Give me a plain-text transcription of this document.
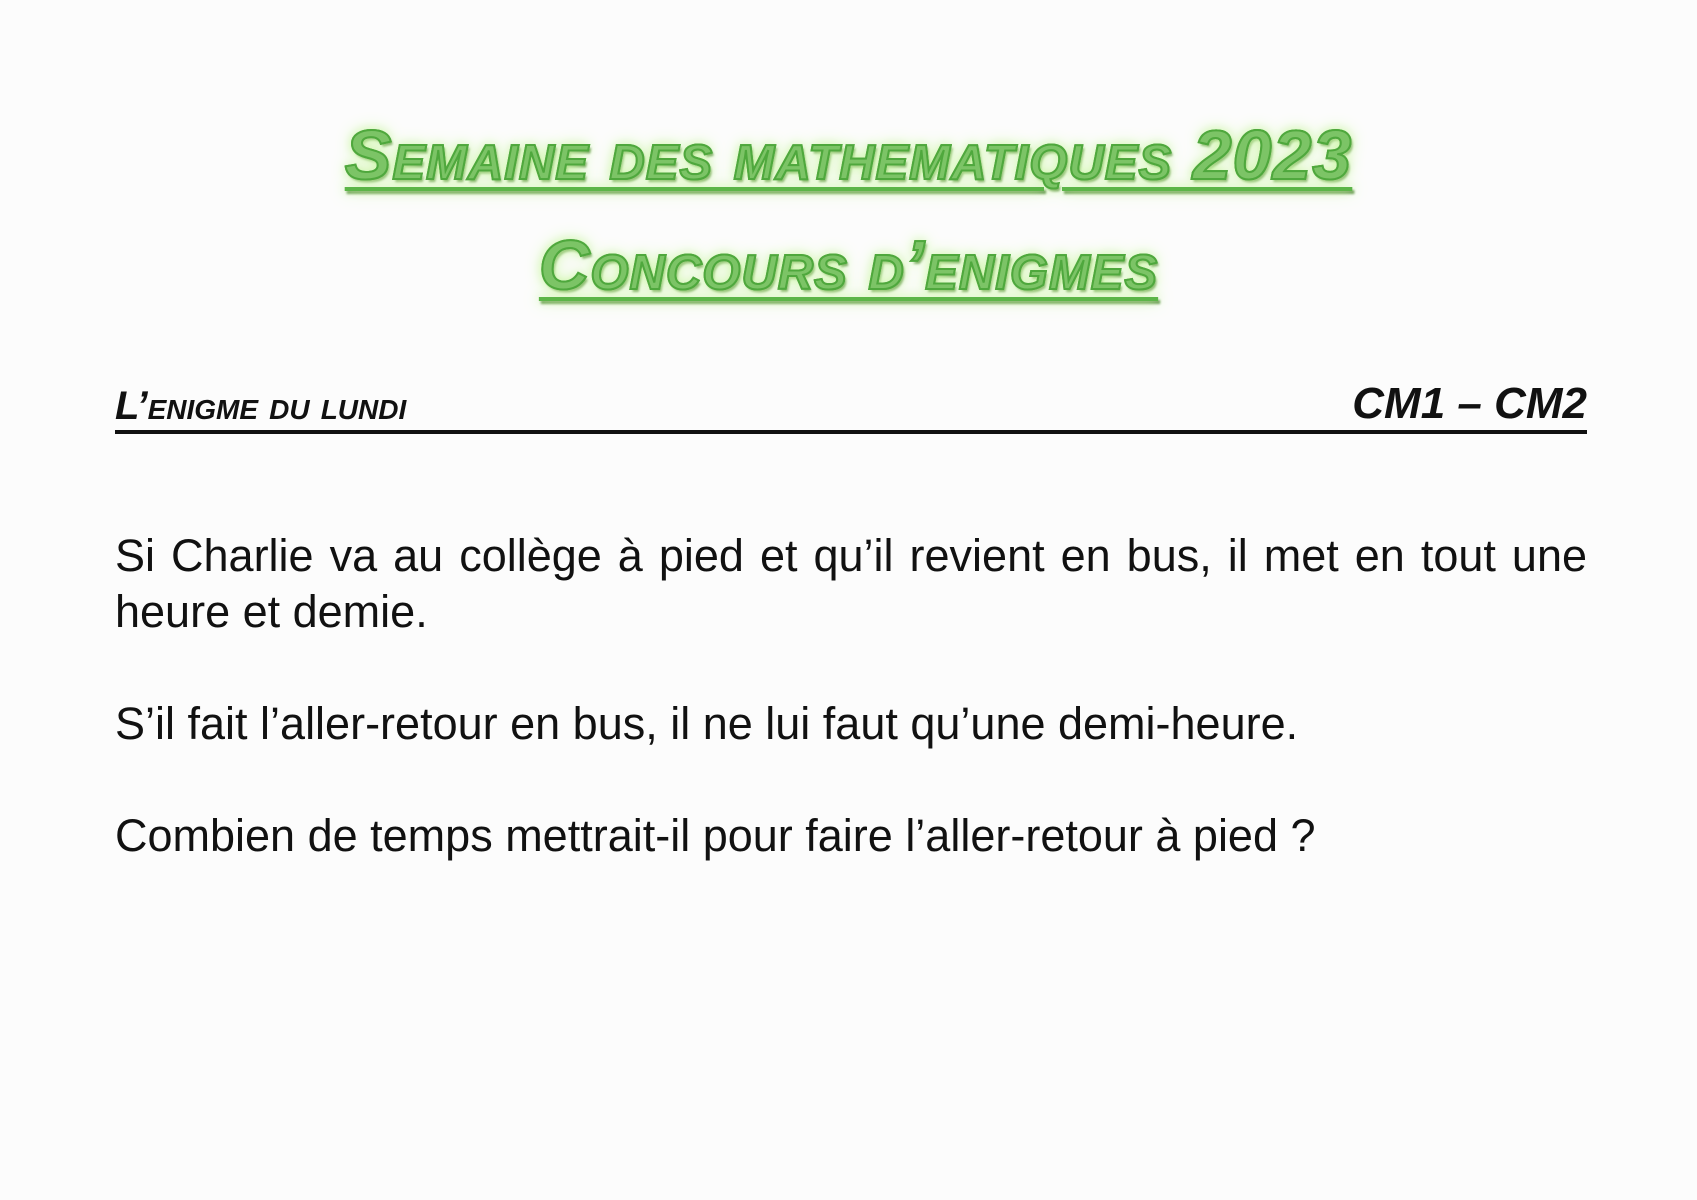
Semaine des mathematiques 2023
Concours d’enigmes
L’enigme du lundi	CM1 – CM2

Si Charlie va au collège à pied et qu’il revient en bus, il met en tout une heure et demie.

S’il fait l’aller-retour en bus, il ne lui faut qu’une demi-heure.

Combien de temps mettrait-il pour faire l’aller-retour à pied ?
